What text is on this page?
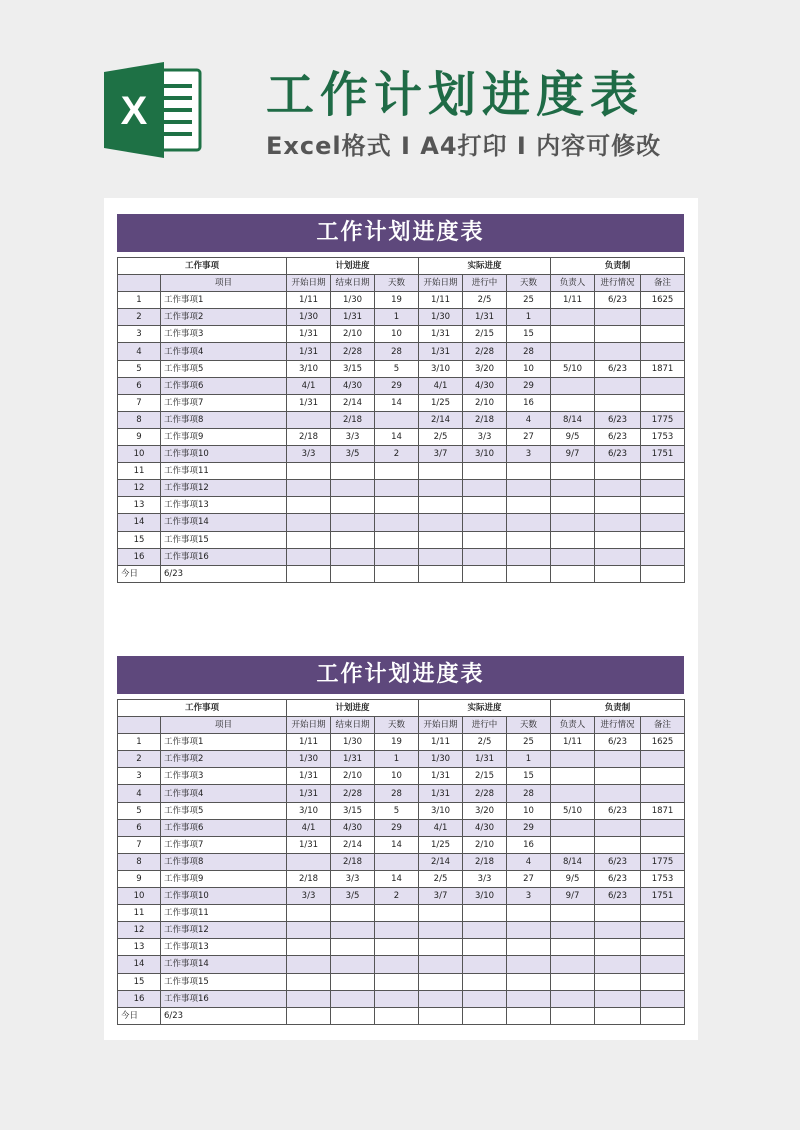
X 工作计划进度表
Excel格式 I A4打印 I 内容可修改
工作计划进度表
工作事项		计划进度			实际进度			负责制		
	项目	开始日期	结束日期	天数	开始日期	进行中	天数	负责人	进行情况	备注
1	工作事项1	1/11	1/30	19	1/11	2/5	25	1/11	6/23	1625
2	工作事项2	1/30	1/31	1	1/30	1/31	1			
3	工作事项3	1/31	2/10	10	1/31	2/15	15			
4	工作事项4	1/31	2/28	28	1/31	2/28	28			
5	工作事项5	3/10	3/15	5	3/10	3/20	10	5/10	6/23	1871
6	工作事项6	4/1	4/30	29	4/1	4/30	29			
7	工作事项7	1/31	2/14	14	1/25	2/10	16			
8	工作事项8		2/18		2/14	2/18	4	8/14	6/23	1775
9	工作事项9	2/18	3/3	14	2/5	3/3	27	9/5	6/23	1753
10	工作事项10	3/3	3/5	2	3/7	3/10	3	9/7	6/23	1751
11	工作事项11									
12	工作事项12									
13	工作事项13									
14	工作事项14									
15	工作事项15									
16	工作事项16									
今日	6/23									
工作计划进度表
工作事项		计划进度			实际进度			负责制		
	项目	开始日期	结束日期	天数	开始日期	进行中	天数	负责人	进行情况	备注
1	工作事项1	1/11	1/30	19	1/11	2/5	25	1/11	6/23	1625
2	工作事项2	1/30	1/31	1	1/30	1/31	1			
3	工作事项3	1/31	2/10	10	1/31	2/15	15			
4	工作事项4	1/31	2/28	28	1/31	2/28	28			
5	工作事项5	3/10	3/15	5	3/10	3/20	10	5/10	6/23	1871
6	工作事项6	4/1	4/30	29	4/1	4/30	29			
7	工作事项7	1/31	2/14	14	1/25	2/10	16			
8	工作事项8		2/18		2/14	2/18	4	8/14	6/23	1775
9	工作事项9	2/18	3/3	14	2/5	3/3	27	9/5	6/23	1753
10	工作事项10	3/3	3/5	2	3/7	3/10	3	9/7	6/23	1751
11	工作事项11									
12	工作事项12									
13	工作事项13									
14	工作事项14									
15	工作事项15									
16	工作事项16									
今日	6/23									
